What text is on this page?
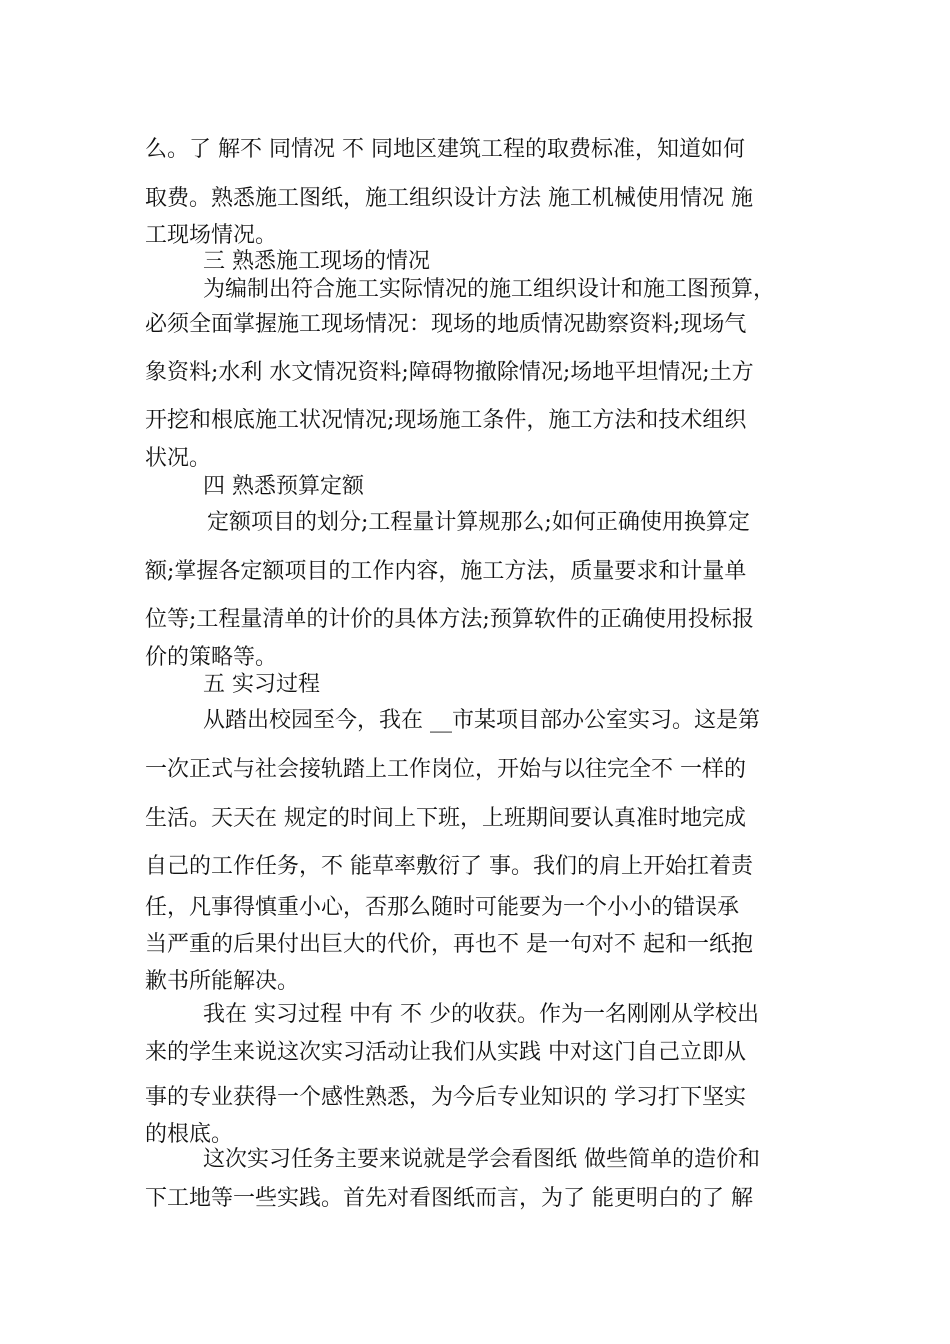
么。了 解不 同情况 不 同地区建筑工程的取费标准，知道如何
取费。熟悉施工图纸，施工组织设计方法 施工机械使用情况 施
工现场情况。
三 熟悉施工现场的情况
为编制出符合施工实际情况的施工组织设计和施工图预算，
必须全面掌握施工现场情况：现场的地质情况勘察资料;现场气
象资料;水利 水文情况资料;障碍物撤除情况;场地平坦情况;土方
开挖和根底施工状况情况;现场施工条件，施工方法和技术组织
状况。
四 熟悉预算定额
定额项目的划分;工程量计算规那么;如何正确使用换算定
额;掌握各定额项目的工作内容，施工方法，质量要求和计量单
位等;工程量清单的计价的具体方法;预算软件的正确使用投标报
价的策略等。
五 实习过程
从踏出校园至今，我在 __市某项目部办公室实习。这是第
一次正式与社会接轨踏上工作岗位，开始与以往完全不 一样的
生活。天天在 规定的时间上下班，上班期间要认真准时地完成
自己的工作任务，不 能草率敷衍了 事。我们的肩上开始扛着责
任，凡事得慎重小心，否那么随时可能要为一个小小的错误承
当严重的后果付出巨大的代价，再也不 是一句对不 起和一纸抱
歉书所能解决。
我在 实习过程 中有 不 少的收获。作为一名刚刚从学校出
来的学生来说这次实习活动让我们从实践 中对这门自己立即从
事的专业获得一个感性熟悉，为今后专业知识的 学习打下坚实
的根底。
这次实习任务主要来说就是学会看图纸 做些简单的造价和
下工地等一些实践。首先对看图纸而言，为了 能更明白的了 解
